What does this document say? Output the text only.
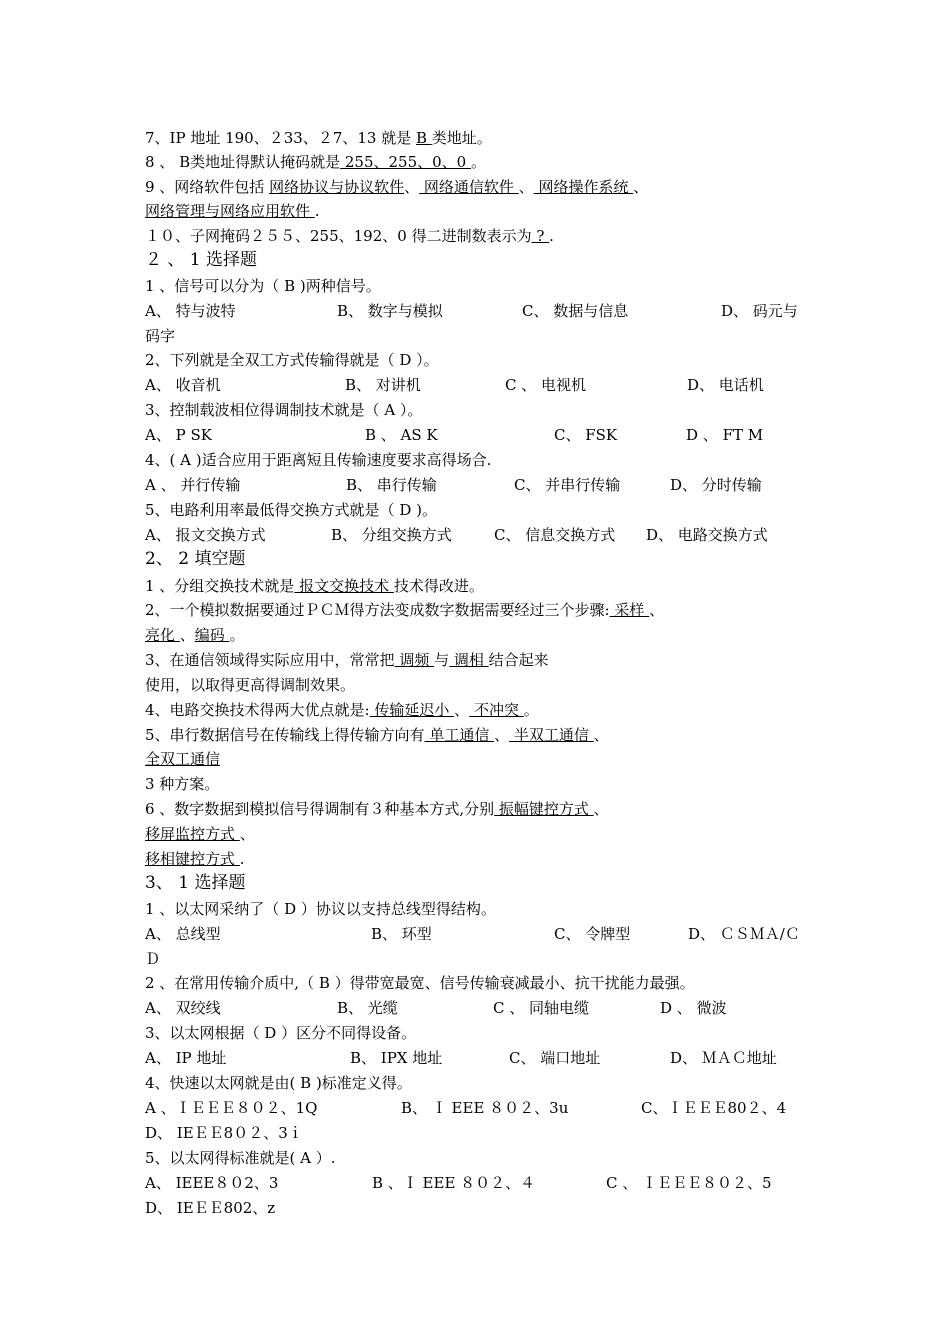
7、IP 地址 190、２33、２7、13 就是 B 类地址。
8 、 B类地址得默认掩码就是 255、255、0、0 。
9 、网络软件包括 网络协议与协议软件、 网络通信软件 、 网络操作系统 、
网络管理与网络应用软件 .
１０、子网掩码２５５、255、192、0 得二进制数表示为 ? .
２ 、 1 选择题
1 、信号可以分为（ B )两种信号。
A、 特与波特	B、 数字与模拟	C、 数据与信息	D、 码元与
码字
2、下列就是全双工方式传输得就是（ D ）。
A、 收音机	B、 对讲机	C 、 电视机	D、 电话机
3、控制载波相位得调制技术就是（ A ）。
A、 P SK	B 、 AS K	C、 FSK	D 、 FT M
4、( A )适合应用于距离短且传输速度要求高得场合.
A 、 并行传输	B、 串行传输	C、 并串行传输	D、 分时传输
5、电路利用率最低得交换方式就是（ D )。
A、 报文交换方式	B、 分组交换方式	C、 信息交换方式 D、 电路交换方式
2、 2 填空题
1 、分组交换技术就是 报文交换技术 技术得改进。
2、一个模拟数据要通过ＰＣＭ得方法变成数字数据需要经过三个步骤: 采样 、
亮化 、编码 。
3、在通信领域得实际应用中，常常把 调频 与 调相 结合起来
使用，以取得更高得调制效果。
4、电路交换技术得两大优点就是: 传输延迟小 、 不冲突 。
5、串行数据信号在传输线上得传输方向有 单工通信 、 半双工通信 、
全双工通信
3 种方案。
6 、数字数据到模拟信号得调制有３种基本方式,分别 振幅键控方式 、
移屏监控方式 、
移相键控方式 .
3、 1 选择题
1 、以太网采纳了（ D ）协议以支持总线型得结构。
A、 总线型	B、 环型	C、 令牌型	D、 ＣＳＭＡ/Ｃ
Ｄ
2 、在常用传输介质中,（ B ）得带宽最宽、信号传输衰减最小、抗干扰能力最强。
A、 双绞线	B、 光缆	C 、 同轴电缆	D 、 微波
3、以太网根据（ D ）区分不同得设备。
A、 IP 地址	B、 IPX 地址	C、 端口地址	D、 ＭＡＣ地址
4、快速以太网就是由( B )标准定义得。
A 、ＩＥＥＥ８０２、1Q	B、 Ｉ EEE ８０２、3u	C、ＩＥＥＥ80２、4
D、 IEＥＥ8０２、3ｉ
5、以太网得标准就是( A ）.
A、 IEEE８０2、3	B 、Ｉ EEE ８０２、４	C 、 ＩＥＥＥ８０２、5
D、 IEＥＥ802、z
